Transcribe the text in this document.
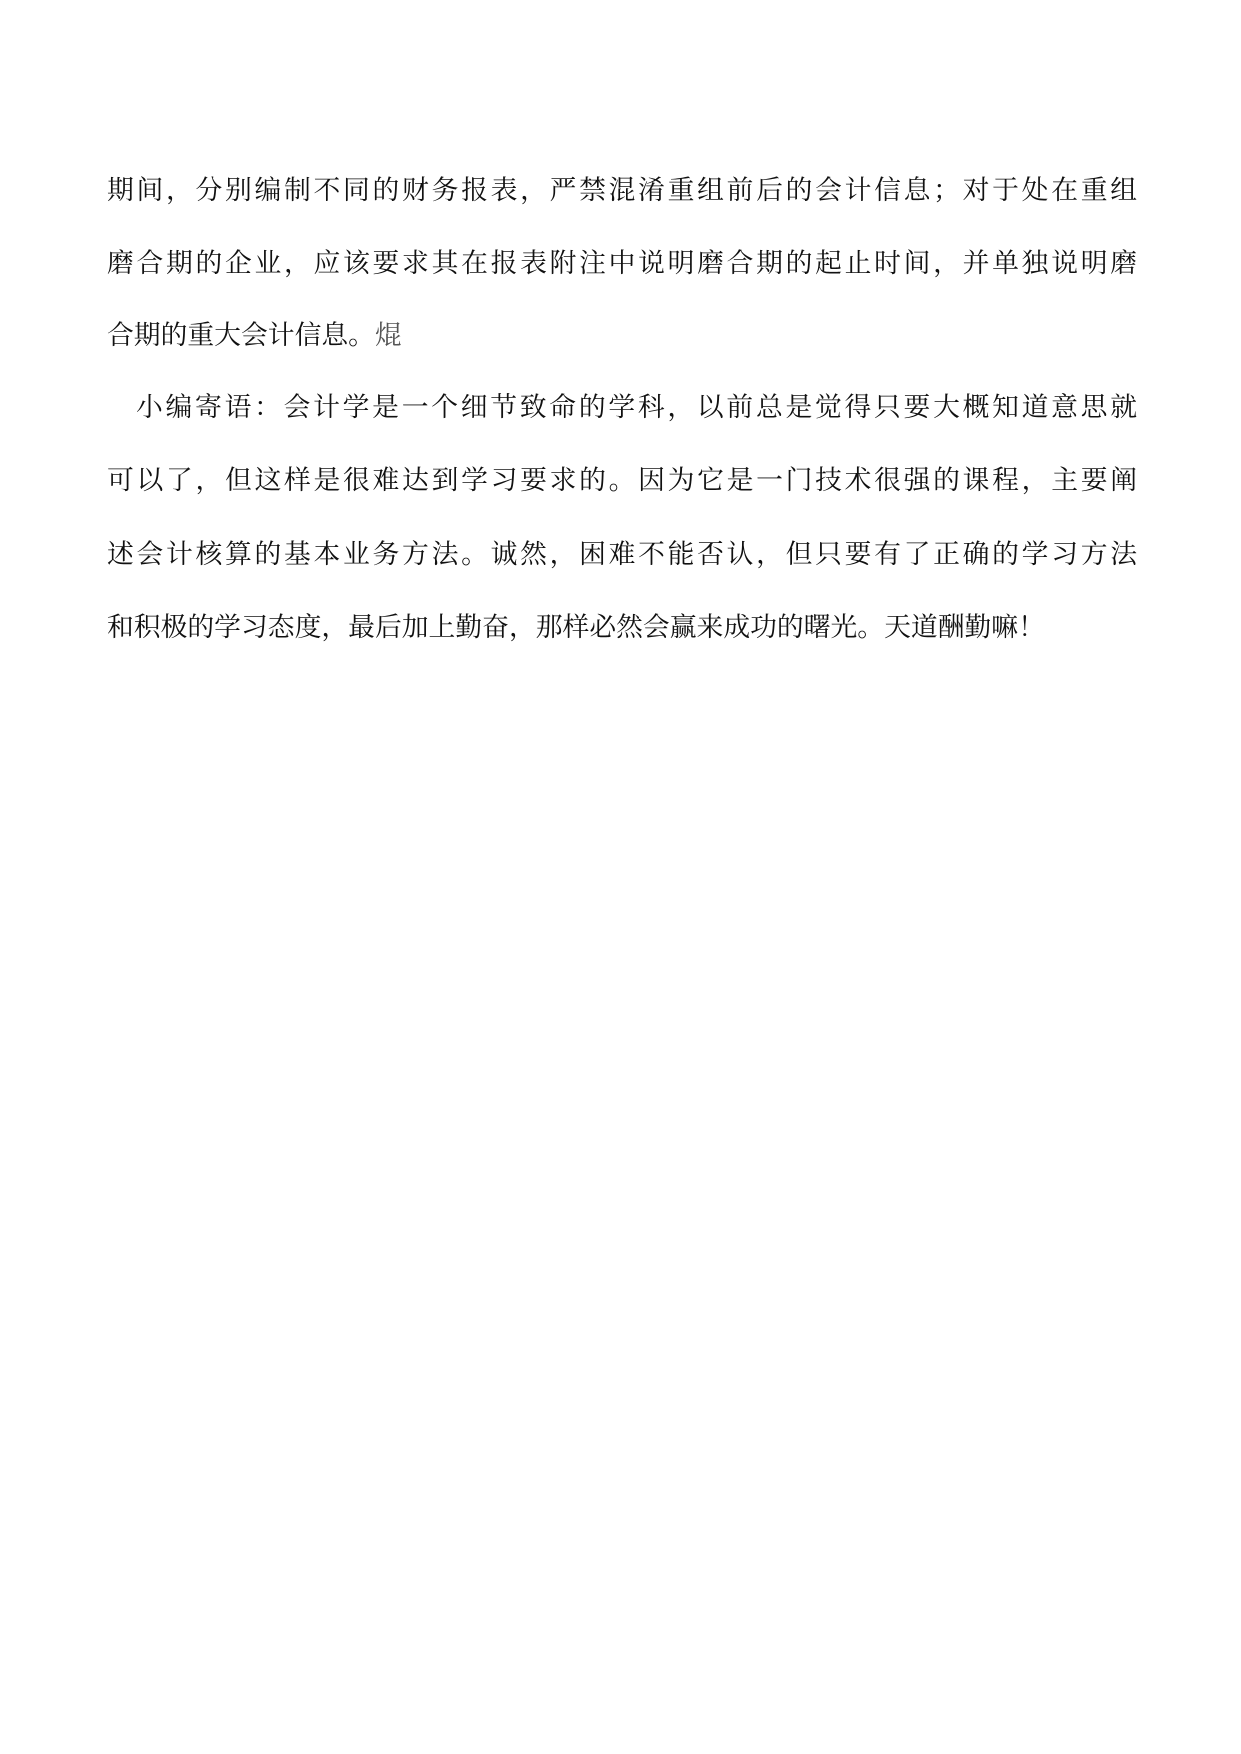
期间，分别编制不同的财务报表，严禁混淆重组前后的会计信息；对于处在重组
磨合期的企业，应该要求其在报表附注中说明磨合期的起止时间，并单独说明磨
合期的重大会计信息。焜
小编寄语：会计学是一个细节致命的学科，以前总是觉得只要大概知道意思就
可以了，但这样是很难达到学习要求的。因为它是一门技术很强的课程，主要阐
述会计核算的基本业务方法。诚然，困难不能否认，但只要有了正确的学习方法
和积极的学习态度，最后加上勤奋，那样必然会赢来成功的曙光。天道酬勤嘛！
